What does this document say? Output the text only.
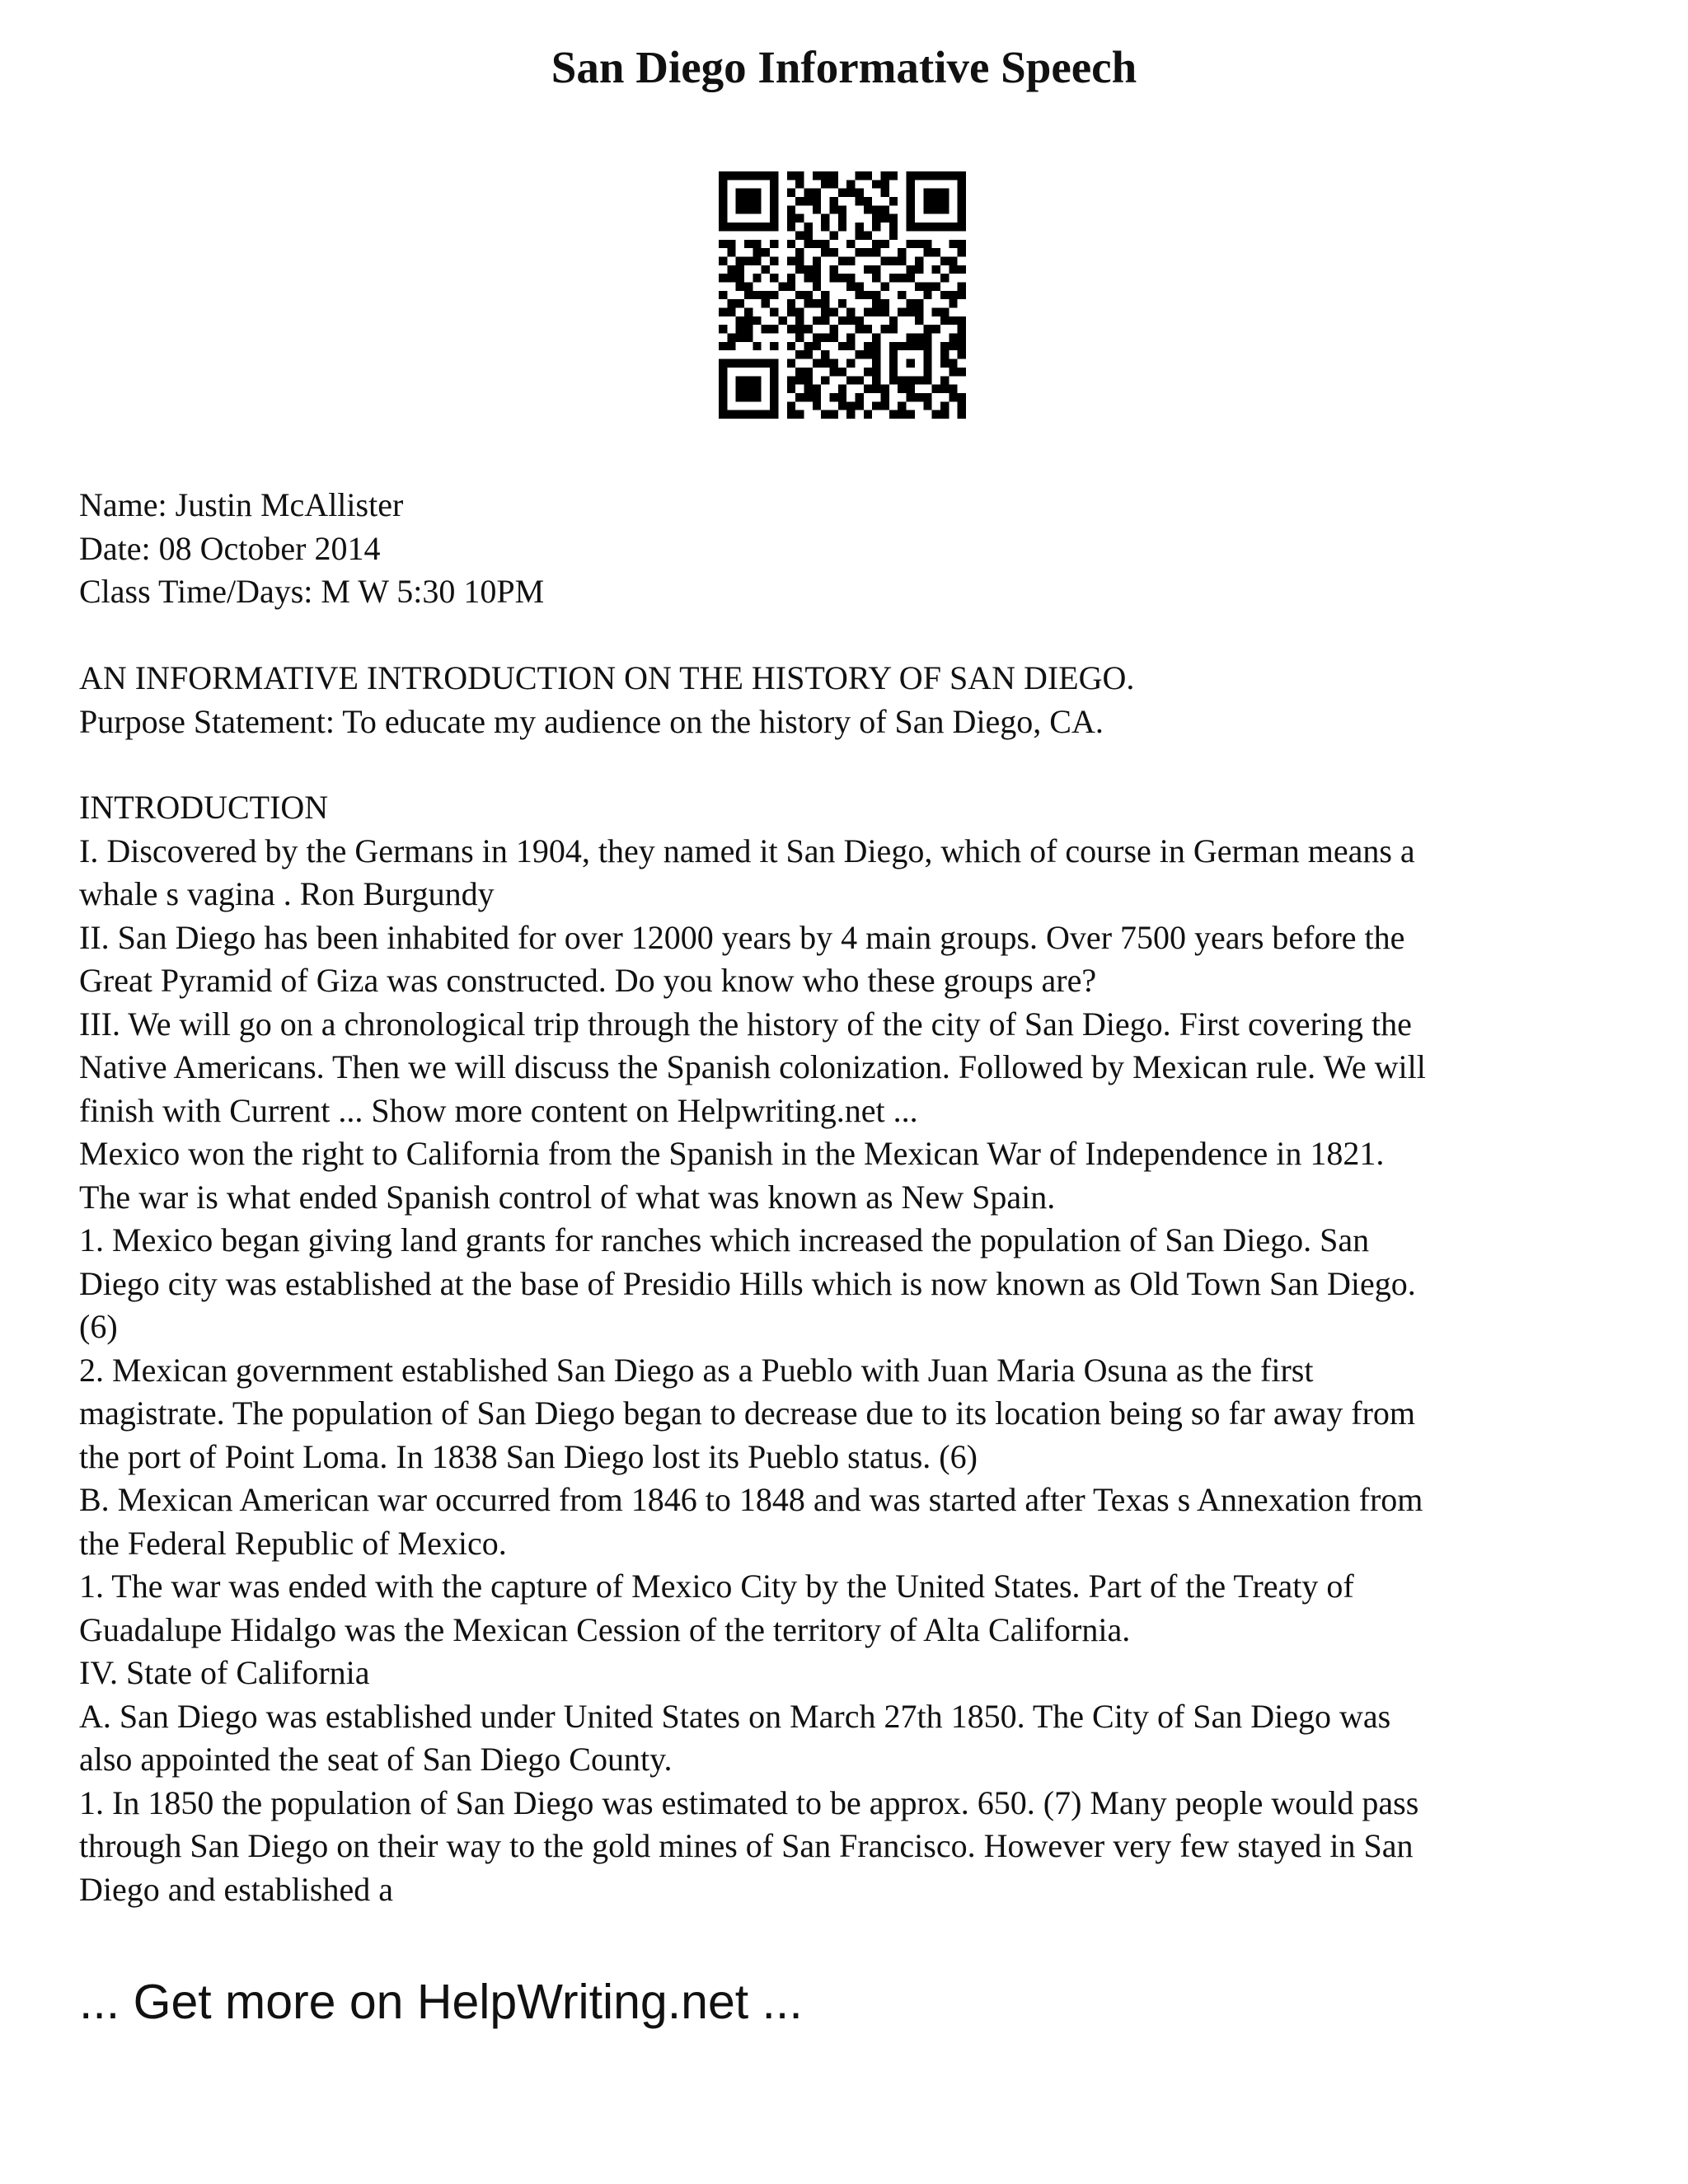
San Diego Informative Speech
Name: Justin McAllister
Date: 08 October 2014
Class Time/Days: M W 5:30 10PM
AN INFORMATIVE INTRODUCTION ON THE HISTORY OF SAN DIEGO.
Purpose Statement: To educate my audience on the history of San Diego, CA.
INTRODUCTION
I. Discovered by the Germans in 1904, they named it San Diego, which of course in German means a
whale s vagina . Ron Burgundy
II. San Diego has been inhabited for over 12000 years by 4 main groups. Over 7500 years before the
Great Pyramid of Giza was constructed. Do you know who these groups are?
III. We will go on a chronological trip through the history of the city of San Diego. First covering the
Native Americans. Then we will discuss the Spanish colonization. Followed by Mexican rule. We will
finish with Current ... Show more content on Helpwriting.net ...
Mexico won the right to California from the Spanish in the Mexican War of Independence in 1821.
The war is what ended Spanish control of what was known as New Spain.
1. Mexico began giving land grants for ranches which increased the population of San Diego. San
Diego city was established at the base of Presidio Hills which is now known as Old Town San Diego.
(6)
2. Mexican government established San Diego as a Pueblo with Juan Maria Osuna as the first
magistrate. The population of San Diego began to decrease due to its location being so far away from
the port of Point Loma. In 1838 San Diego lost its Pueblo status. (6)
B. Mexican American war occurred from 1846 to 1848 and was started after Texas s Annexation from
the Federal Republic of Mexico.
1. The war was ended with the capture of Mexico City by the United States. Part of the Treaty of
Guadalupe Hidalgo was the Mexican Cession of the territory of Alta California.
IV. State of California
A. San Diego was established under United States on March 27th 1850. The City of San Diego was
also appointed the seat of San Diego County.
1. In 1850 the population of San Diego was estimated to be approx. 650. (7) Many people would pass
through San Diego on their way to the gold mines of San Francisco. However very few stayed in San
Diego and established a
... Get more on HelpWriting.net ...
